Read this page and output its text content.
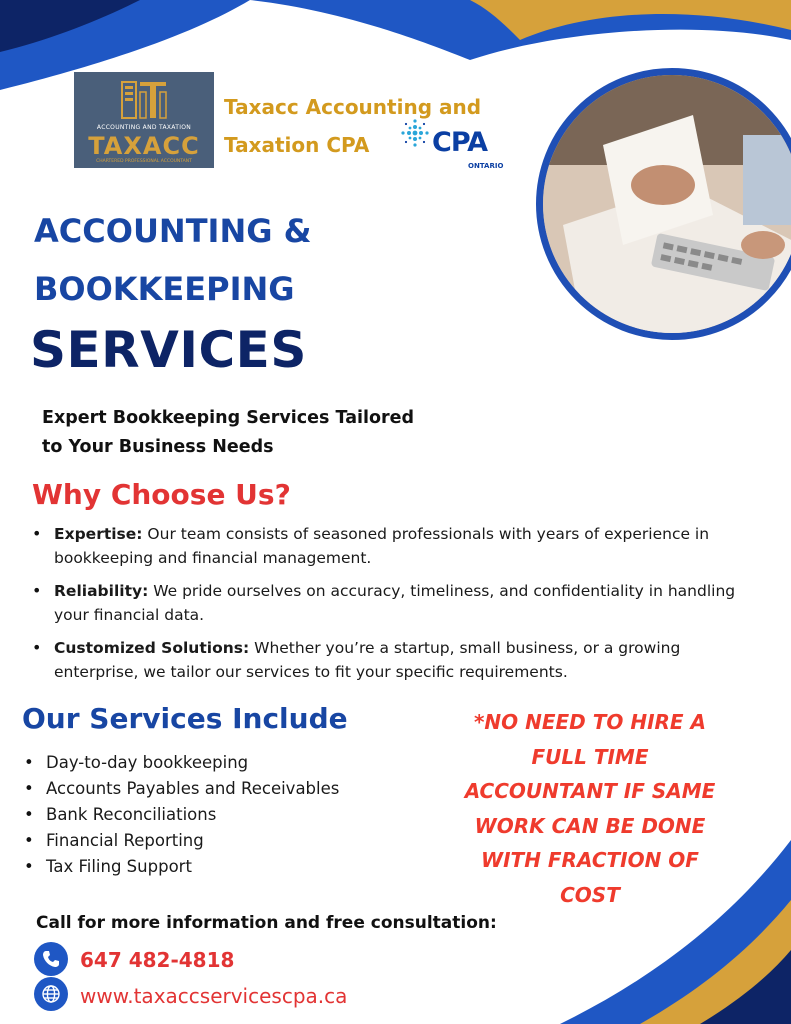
ACCOUNTING AND TAXATION
TAXACC
CHARTERED PROFESSIONAL ACCOUNTANT
Taxacc Accounting and
Taxation CPA	CPA
ONTARIO
ACCOUNTING &
BOOKKEEPING
SERVICES
Expert Bookkeeping Services Tailored
to Your Business Needs
Why Choose Us?
• Expertise: Our team consists of seasoned professionals with years of experience in bookkeeping and financial management.
• Reliability: We pride ourselves on accuracy, timeliness, and confidentiality in handling your financial data.
• Customized Solutions: Whether you’re a startup, small business, or a growing enterprise, we tailor our services to fit your specific requirements.
Our Services Include
• Day-to-day bookkeeping
• Accounts Payables and Receivables
• Bank Reconciliations
• Financial Reporting
• Tax Filing Support
*NO NEED TO HIRE A
FULL TIME
ACCOUNTANT IF SAME
WORK CAN BE DONE
WITH FRACTION OF
COST
Call for more information and free consultation:
647 482-4818
www.taxaccservicescpa.ca
